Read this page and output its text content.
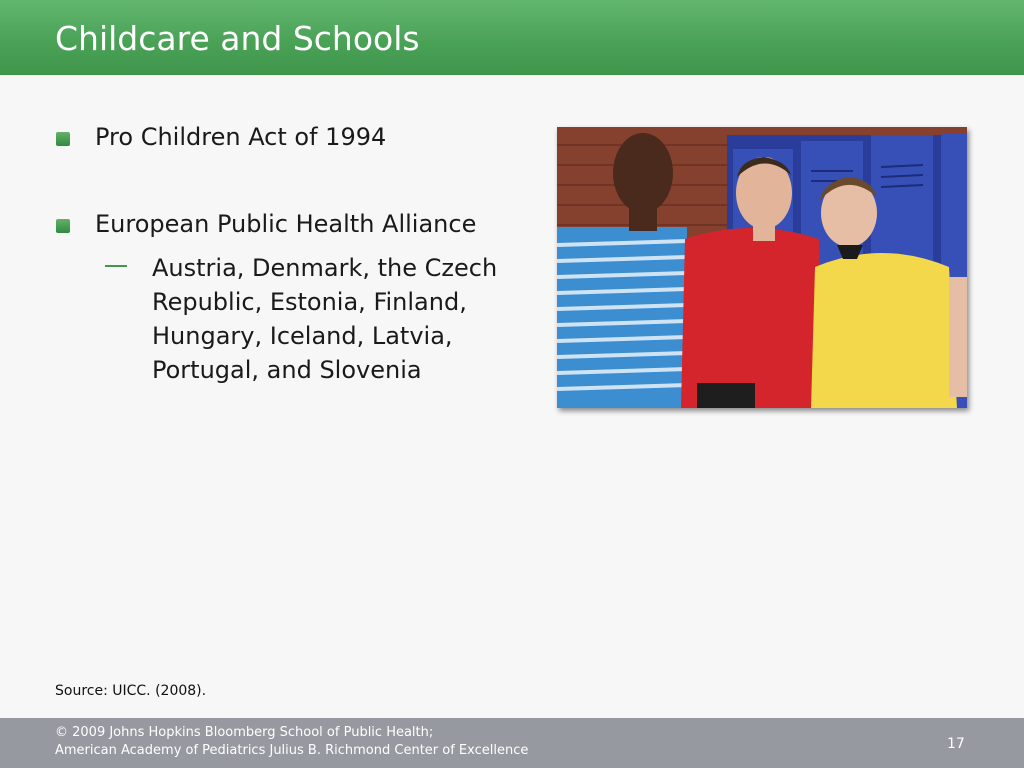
Childcare and Schools
Pro Children Act of 1994
European Public Health Alliance
Austria, Denmark, the Czech
Republic, Estonia, Finland,
Hungary, Iceland, Latvia,
Portugal, and Slovenia
Source: UICC. (2008).
© 2009 Johns Hopkins Bloomberg School of Public Health;
American Academy of Pediatrics Julius B. Richmond Center of Excellence	17
